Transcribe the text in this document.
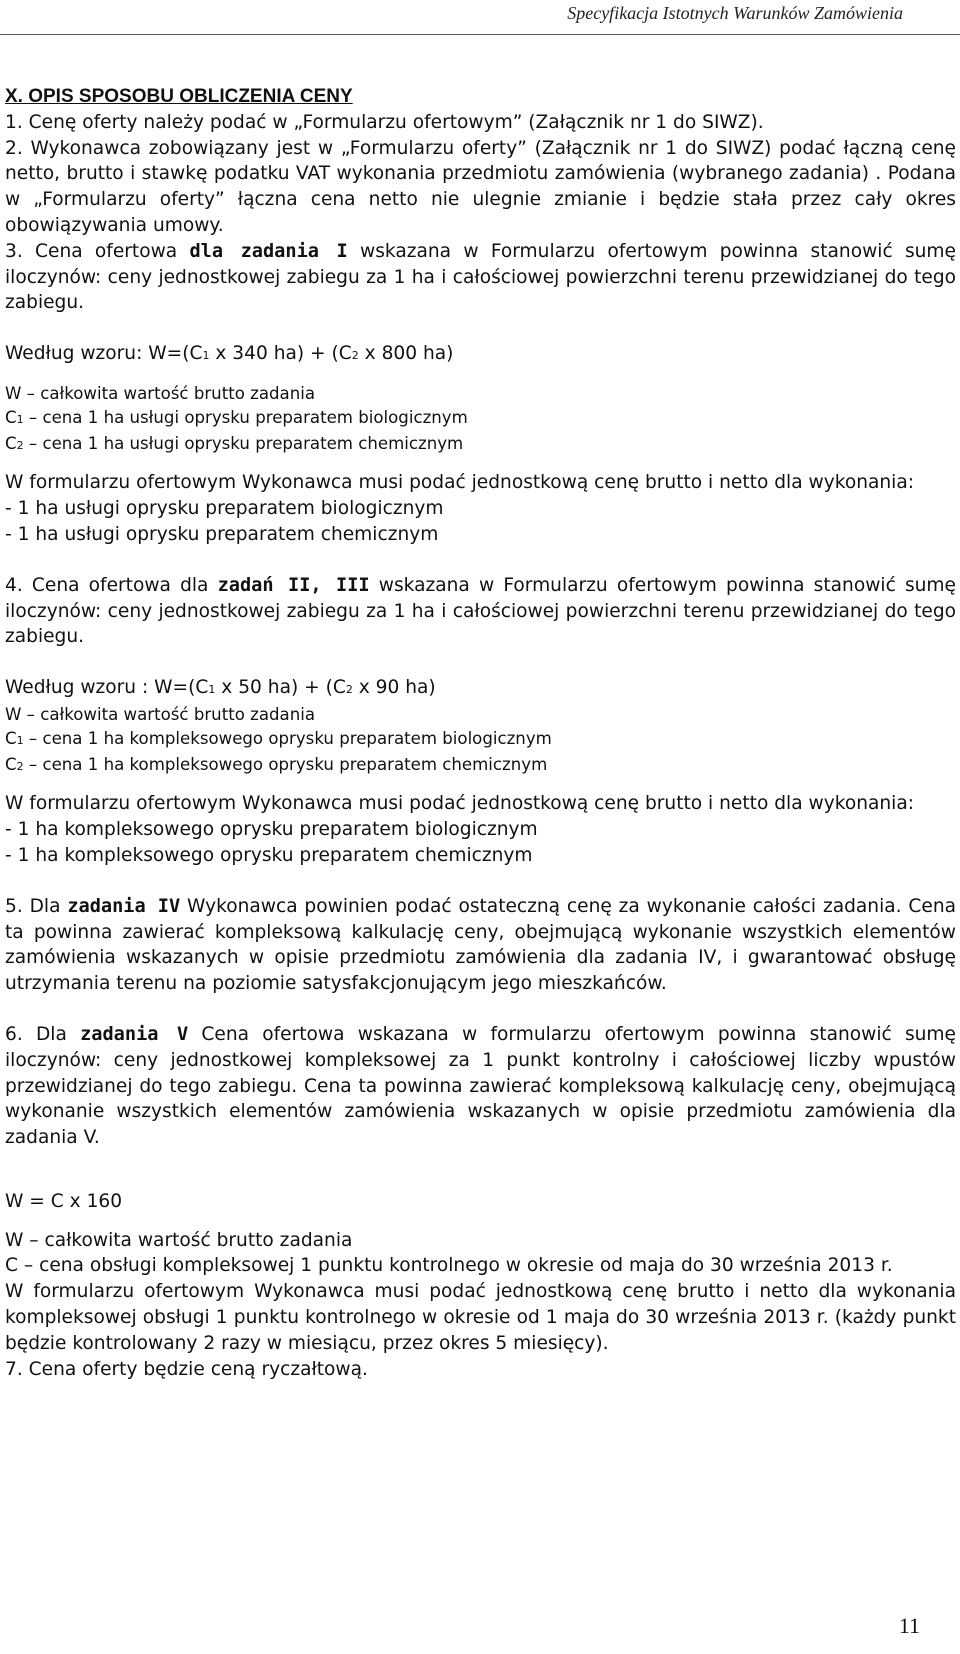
Specyfikacja Istotnych Warunków Zamówienia

X. OPIS SPOSOBU OBLICZENIA CENY

1. Cenę oferty należy podać w „Formularzu ofertowym” (Załącznik nr 1 do SIWZ).

2. Wykonawca zobowiązany jest w „Formularzu oferty” (Załącznik nr 1 do SIWZ) podać łączną cenę netto, brutto i stawkę podatku VAT wykonania przedmiotu zamówienia (wybranego zadania) . Podana w „Formularzu oferty” łączna cena netto nie ulegnie zmianie i będzie stała przez cały okres obowiązywania umowy.

3. Cena ofertowa dla zadania I wskazana w Formularzu ofertowym powinna stanowić sumę iloczynów: ceny jednostkowej zabiegu za 1 ha i całościowej powierzchni terenu przewidzianej do tego zabiegu.

Według wzoru: W=(C1 x 340 ha) + (C2 x 800 ha)

W – całkowita wartość brutto zadania

C1 – cena 1 ha usługi oprysku preparatem biologicznym

C2 – cena 1 ha usługi oprysku preparatem chemicznym

W formularzu ofertowym Wykonawca musi podać jednostkową cenę brutto i netto dla wykonania:

- 1 ha usługi oprysku preparatem biologicznym

- 1 ha usługi oprysku preparatem chemicznym

4. Cena ofertowa dla zadań II, III wskazana w Formularzu ofertowym powinna stanowić sumę iloczynów: ceny jednostkowej zabiegu za 1 ha i całościowej powierzchni terenu przewidzianej do tego zabiegu.

Według wzoru : W=(C1 x 50 ha) + (C2 x 90 ha)

W – całkowita wartość brutto zadania

C1 – cena 1 ha kompleksowego oprysku preparatem biologicznym

C2 – cena 1 ha kompleksowego oprysku preparatem chemicznym

W formularzu ofertowym Wykonawca musi podać jednostkową cenę brutto i netto dla wykonania:

- 1 ha kompleksowego oprysku preparatem biologicznym

- 1 ha kompleksowego oprysku preparatem chemicznym

5. Dla zadania IV Wykonawca powinien podać ostateczną cenę za wykonanie całości zadania. Cena ta powinna zawierać kompleksową kalkulację ceny, obejmującą wykonanie wszystkich elementów zamówienia wskazanych w opisie przedmiotu zamówienia dla zadania IV, i gwarantować obsługę utrzymania terenu na poziomie satysfakcjonującym jego mieszkańców.

6. Dla zadania V Cena ofertowa wskazana w formularzu ofertowym powinna stanowić sumę iloczynów: ceny jednostkowej kompleksowej za 1 punkt kontrolny i całościowej liczby wpustów przewidzianej do tego zabiegu. Cena ta powinna zawierać kompleksową kalkulację ceny, obejmującą wykonanie wszystkich elementów zamówienia wskazanych w opisie przedmiotu zamówienia dla zadania V.

W = C x 160

W – całkowita wartość brutto zadania

C – cena obsługi kompleksowej 1 punktu kontrolnego w okresie od maja do 30 września 2013 r.

W formularzu ofertowym Wykonawca musi podać jednostkową cenę brutto i netto dla wykonania kompleksowej obsługi 1 punktu kontrolnego w okresie od 1 maja do 30 września 2013 r. (każdy punkt będzie kontrolowany 2 razy w miesiącu, przez okres 5 miesięcy).

7. Cena oferty będzie ceną ryczałtową.

11
